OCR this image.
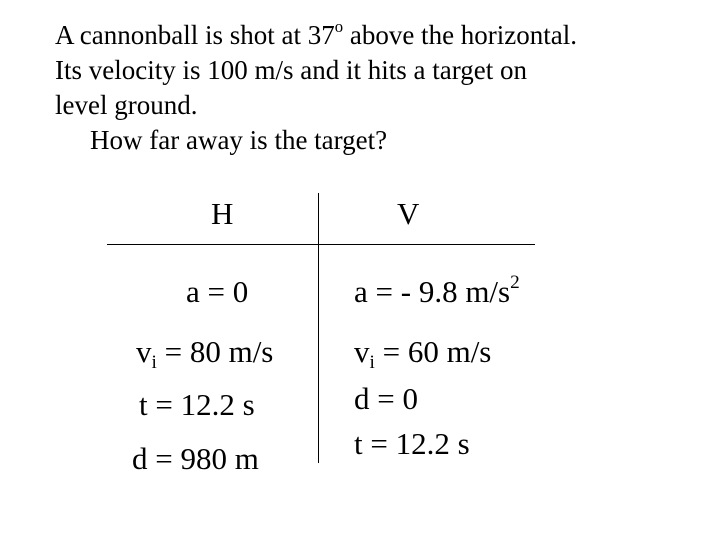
A cannonball is shot at 37$^o$ above the horizontal.
Its velocity is 100 m/s and it hits a target on
level ground.
How far away is the target?
H	V
a = 0
$v_i = 80$ m/s
t = 12.2 s
d = 980 m
a = - 9.8 $m/s^2$
$v_i = 60$ m/s
d = 0
t = 12.2 s
